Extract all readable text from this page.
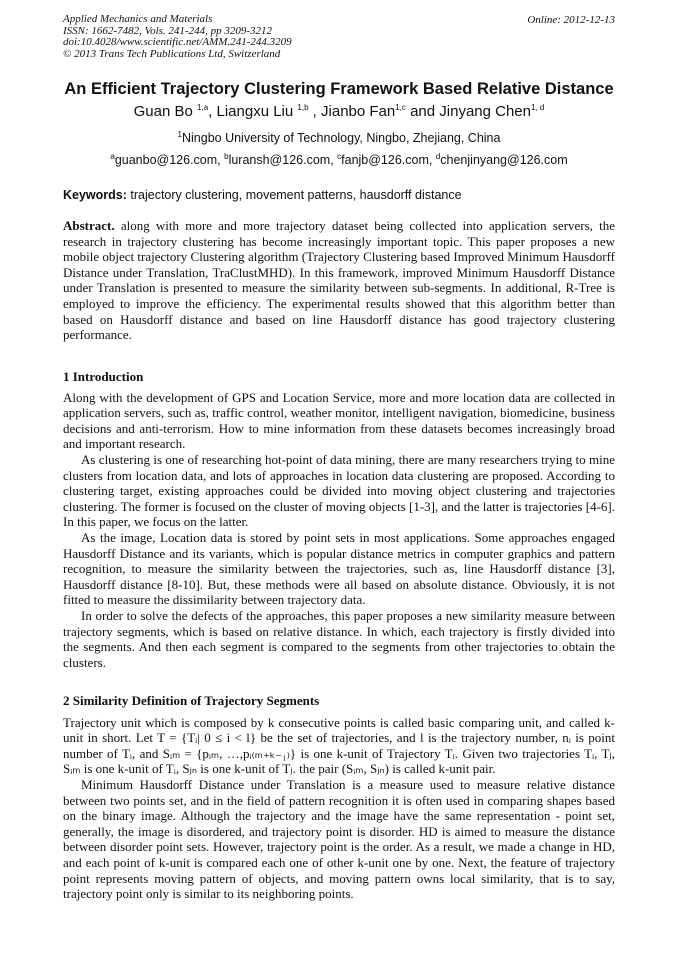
Applied Mechanics and Materials
ISSN: 1662-7482, Vols. 241-244, pp 3209-3212
doi:10.4028/www.scientific.net/AMM.241-244.3209
© 2013 Trans Tech Publications Ltd, Switzerland
Online: 2012-12-13
An Efficient Trajectory Clustering Framework Based Relative Distance
Guan Bo $^{1,a}$, Liangxu Liu $^{1,b}$ , Jianbo Fan$^{1,c}$ and Jinyang Chen$^{1, d}$
$^1$Ningbo University of Technology, Ningbo, Zhejiang, China
$^a$guanbo@126.com, $^b$luransh@126.com, $^c$fanjb@126.com, $^d$chenjinyang@126.com
Keywords: trajectory clustering, movement patterns, hausdorff distance

Abstract. along with more and more trajectory dataset being collected into application servers, the research in trajectory clustering has become increasingly important topic. This paper proposes a new mobile object trajectory Clustering algorithm (Trajectory Clustering based Improved Minimum Hausdorff Distance under Translation, TraClustMHD). In this framework, improved Minimum Hausdorff Distance under Translation is presented to measure the similarity between sub-segments. In additional, R-Tree is employed to improve the efficiency. The experimental results showed that this algorithm better than based on Hausdorff distance and based on line Hausdorff distance has good trajectory clustering performance.

1 Introduction

Along with the development of GPS and Location Service, more and more location data are collected in application servers, such as, traffic control, weather monitor, intelligent navigation, biomedicine, business decisions and anti-terrorism. How to mine information from these datasets becomes increasingly broad and important research.

As clustering is one of researching hot-point of data mining, there are many researchers trying to mine clusters from location data, and lots of approaches in location data clustering are proposed. According to clustering target, existing approaches could be divided into moving object clustering and trajectories clustering. The former is focused on the cluster of moving objects [1-3], and the latter is trajectories [4-6]. In this paper, we focus on the latter.

As the image, Location data is stored by point sets in most applications. Some approaches engaged Hausdorff Distance and its variants, which is popular distance metrics in computer graphics and pattern recognition, to measure the similarity between the trajectories, such as, line Hausdorff distance [3], Hausdorff distance [8-10]. But, these methods were all based on absolute distance. Obviously, it is not fitted to measure the dissimilarity between trajectory data.

In order to solve the defects of the approaches, this paper proposes a new similarity measure between trajectory segments, which is based on relative distance. In which, each trajectory is firstly divided into the segments. And then each segment is compared to the segments from other trajectories to obtain the clusters.

2 Similarity Definition of Trajectory Segments

Trajectory unit which is composed by k consecutive points is called basic comparing unit, and called k-unit in short. Let T = {Tᵢ| 0 ≤ i < l} be the set of trajectories, and l is the trajectory number, nᵢ is point number of Tᵢ, and Sᵢₘ = {pᵢₘ, …,pᵢ₍ₘ₊ₖ₋₁₎} is one k-unit of Trajectory Tᵢ. Given two trajectories Tᵢ, Tⱼ, Sᵢₘ is one k-unit of Tᵢ, Sⱼₙ is one k-unit of Tⱼ. the pair (Sᵢₘ, Sⱼₙ) is called k-unit pair.

Minimum Hausdorff Distance under Translation is a measure used to measure relative distance between two points set, and in the field of pattern recognition it is often used in comparing shapes based on the binary image. Although the trajectory and the image have the same representation - point set, generally, the image is disordered, and trajectory point is disorder. HD is aimed to measure the distance between disorder point sets. However, trajectory point is the order. As a result, we made a change in HD, and each point of k-unit is compared each one of other k-unit one by one. Next, the feature of trajectory point represents moving pattern of objects, and moving pattern owns local similarity, that is to say, trajectory point only is similar to its neighboring points.
